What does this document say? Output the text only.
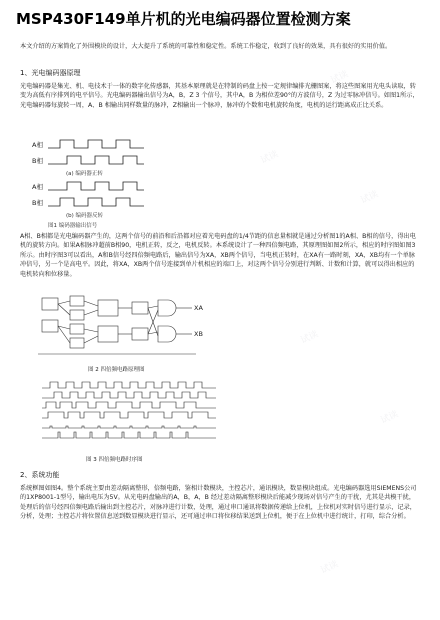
MSP430F149单片机的光电编码器位置检测方案

本文介绍的方案简化了外围模块的设计，大大提升了系统的可靠性和稳定性。系统工作稳定，收到了良好的效果，具有很好的实用价值。

1、光电编码器原理

光电编码器是集光、机、电技术于一体的数字化传感器，其基本原理就是在特制的码盘上按一定规律编排光栅图案，将这些图案用光电头读取，转变为高低有序排列的电平信号。光电编码器输出信号为A，B，Z 3 个信号，其中A，B 为相位差90°的方波信号，Z 为过零脉冲信号。如图1所示，光电编码器每旋转一周，A、B 相输出同样数量的脉冲，Z相输出一个脉冲，脉冲的个数和电机旋转角度，电机的运行距离成正比关系。

A相
B相
(a) 编码器正转
A相
B相
(b) 编码器反转
图1 编码器输出信号

A相、B相都是光电编码器产生的，这两个信号的前沿和后沿都对应着光电码盘的1/4节距的信息量相就是通过分析图1的A相、B相的信号，得出电机的旋转方向。如果A相脉冲超前B相90，电机正转，反之，电机反转。本系统设计了一种四倍频电路，其原理图如图2所示，相应的时序图如图3所示。由时序图3可以看出，A和B信号经四倍频电路后，输出信号为XA，XB两个信号，当电机正转时，在XA有一路时刻，XA，XB均有一个单脉冲信号，另一个是高电平。因此，将XA，XB两个信号连接到单片机相应的端口上，对这两个信号分别进行判断、计数和计算，就可以得出相应的电机转向和位移量。

XA
XB

图 2 四倍频电路原理图

图 3 四倍频电路时序图

2、系统功能

系统框图如图4。整个系统主要由差动隔离整形，倍频电路，鉴相计数模块，主控芯片，通讯模块，数显模块组成。光电编码器选用SIEMENS公司的1XP8001-1型号，输出电压为5V。从光电码盘输出的A，B，A，B 经过差动隔离整形模块后能减少现场对信号产生的干扰，尤其是共模干扰，处理后的信号经四倍频电路后输出到主控芯片，对脉冲进行计数，处理，通过串口通讯将数据传递给上位机，上位机对实时信号进行显示，记录，分析，处理；主控芯片将位置信息送到数显模块进行显示，还可通过串口将位移结果送到上位机，便于在上位机中进行统计，打印，综合分析。

试读
试读
试读
试读
试读
试读
